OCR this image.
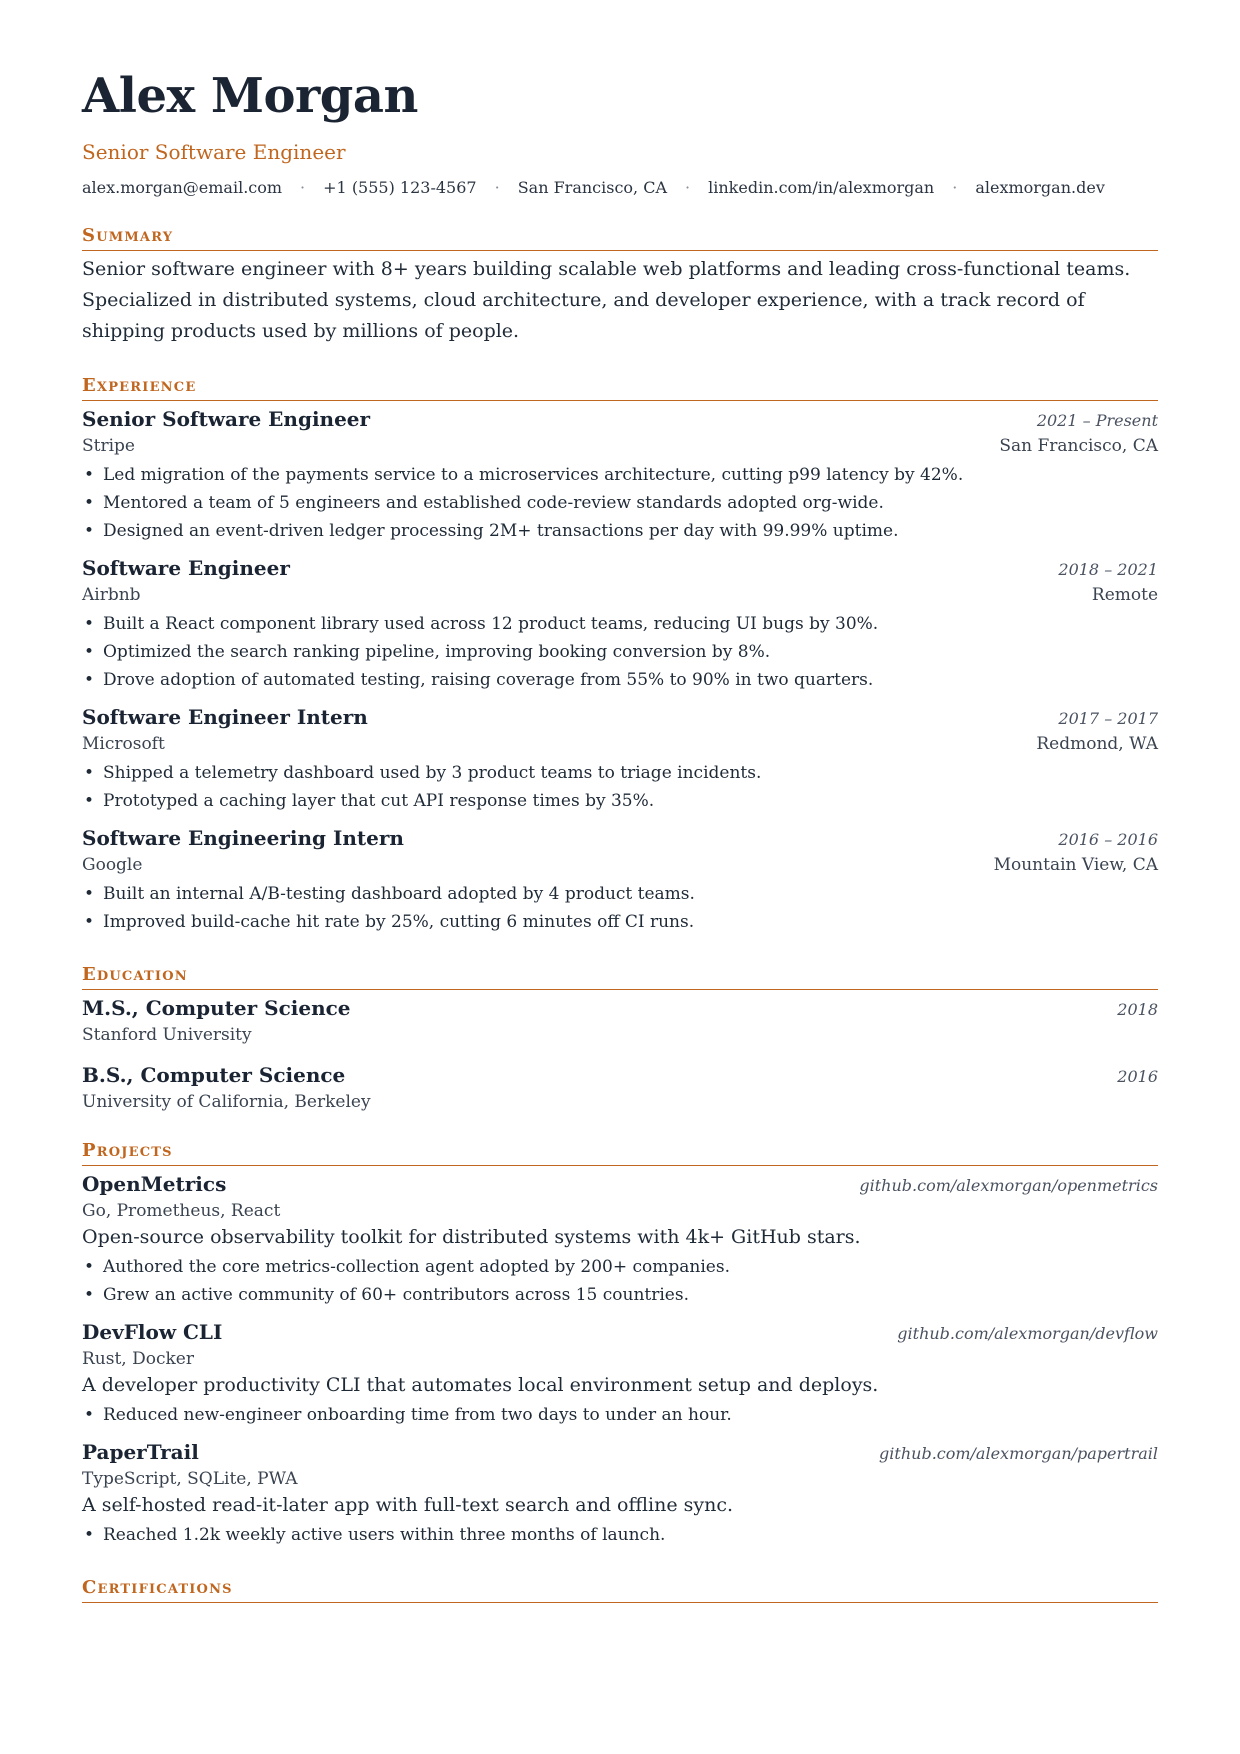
Alex Morgan
Senior Software Engineer
alex.morgan@email.com · +1 (555) 123-4567 · San Francisco, CA · linkedin.com/in/alexmorgan · alexmorgan.dev
Summary
Senior software engineer with 8+ years building scalable web platforms and leading cross-functional teams. Specialized in distributed systems, cloud architecture, and developer experience, with a track record of shipping products used by millions of people.
Experience
Senior Software Engineer	2021 – Present
Stripe	San Francisco, CA
• Led migration of the payments service to a microservices architecture, cutting p99 latency by 42%.
• Mentored a team of 5 engineers and established code-review standards adopted org-wide.
• Designed an event-driven ledger processing 2M+ transactions per day with 99.99% uptime.
Software Engineer	2018 – 2021
Airbnb	Remote
• Built a React component library used across 12 product teams, reducing UI bugs by 30%.
• Optimized the search ranking pipeline, improving booking conversion by 8%.
• Drove adoption of automated testing, raising coverage from 55% to 90% in two quarters.
Software Engineer Intern	2017 – 2017
Microsoft	Redmond, WA
• Shipped a telemetry dashboard used by 3 product teams to triage incidents.
• Prototyped a caching layer that cut API response times by 35%.
Software Engineering Intern	2016 – 2016
Google	Mountain View, CA
• Built an internal A/B-testing dashboard adopted by 4 product teams.
• Improved build-cache hit rate by 25%, cutting 6 minutes off CI runs.
Education
M.S., Computer Science	2018
Stanford University
B.S., Computer Science	2016
University of California, Berkeley
Projects
OpenMetrics	github.com/alexmorgan/openmetrics
Go, Prometheus, React
Open-source observability toolkit for distributed systems with 4k+ GitHub stars.
• Authored the core metrics-collection agent adopted by 200+ companies.
• Grew an active community of 60+ contributors across 15 countries.
DevFlow CLI	github.com/alexmorgan/devflow
Rust, Docker
A developer productivity CLI that automates local environment setup and deploys.
• Reduced new-engineer onboarding time from two days to under an hour.
PaperTrail	github.com/alexmorgan/papertrail
TypeScript, SQLite, PWA
A self-hosted read-it-later app with full-text search and offline sync.
• Reached 1.2k weekly active users within three months of launch.
Certifications
